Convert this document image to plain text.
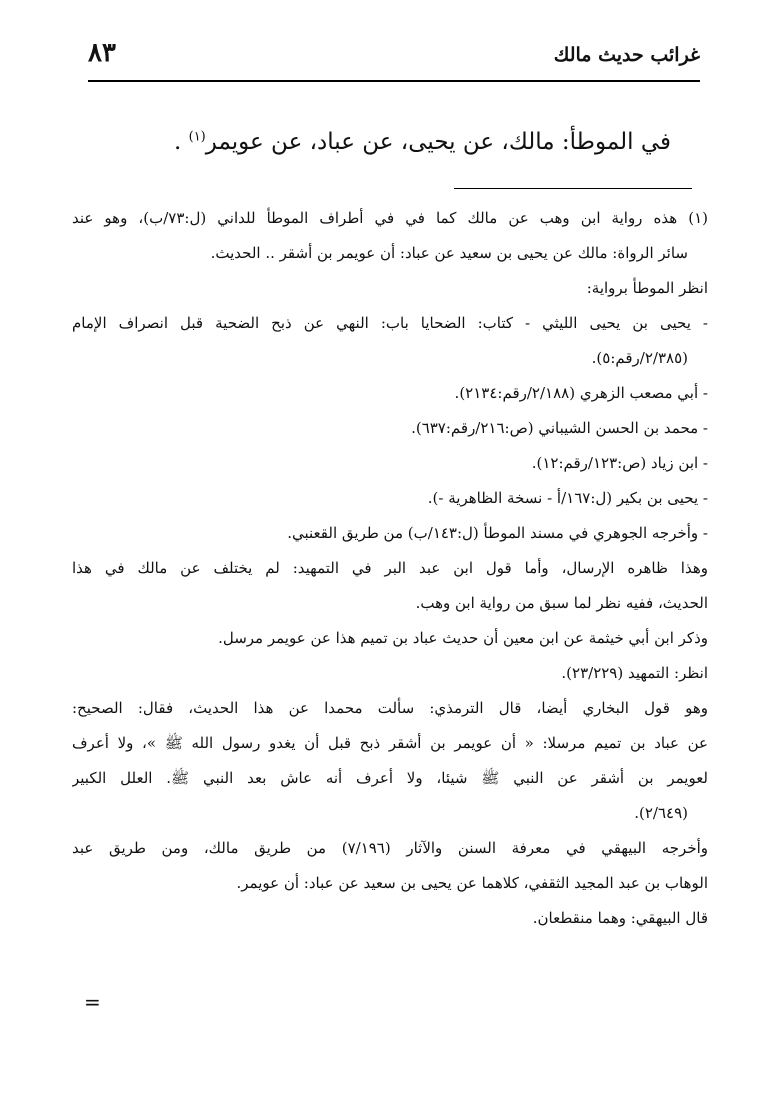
٨٣	غرائب حديث مالك
في الموطأ: مالك، عن يحيى، عن عباد، عن عويمر$^{(١)}$ .
(١) هذه رواية ابن وهب عن مالك كما في في أطراف الموطأ للداني (ل:٧٣/ب)، وهو عند
سائر الرواة: مالك عن يحيى بن سعيد عن عباد: أن عويمر بن أشقر .. الحديث.
انظر الموطأ برواية:
- يحيى بن يحيى الليثي - كتاب: الضحايا باب: النهي عن ذبح الضحية قبل انصراف الإمام
(٢/٣٨٥/رقم:٥).
- أبي مصعب الزهري (٢/١٨٨/رقم:٢١٣٤).
- محمد بن الحسن الشيباني (ص:٢١٦/رقم:٦٣٧).
- ابن زياد (ص:١٢٣/رقم:١٢).
- يحيى بن بكير (ل:١٦٧/أ - نسخة الظاهرية -).
- وأخرجه الجوهري في مسند الموطأ (ل:١٤٣/ب) من طريق القعنبي.
وهذا ظاهره الإرسال، وأما قول ابن عبد البر في التمهيد: لم يختلف عن مالك في هذا
الحديث، ففيه نظر لما سبق من رواية ابن وهب.
وذكر ابن أبي خيثمة عن ابن معين أن حديث عباد بن تميم هذا عن عويمر مرسل.
انظر: التمهيد (٢٣/٢٢٩).
وهو قول البخاري أيضا، قال الترمذي: سألت محمدا عن هذا الحديث، فقال: الصحيح:
عن عباد بن تميم مرسلا: « أن عويمر بن أشقر ذبح قبل أن يغدو رسول الله ﷺ »، ولا أعرف
لعويمر بن أشقر عن النبي ﷺ شيئا، ولا أعرف أنه عاش بعد النبي ﷺ. العلل الكبير
(٢/٦٤٩).
وأخرجه البيهقي في معرفة السنن والآثار (٧/١٩٦) من طريق مالك، ومن طريق عبد
الوهاب بن عبد المجيد الثقفي، كلاهما عن يحيى بن سعيد عن عباد: أن عويمر.
قال البيهقي: وهما منقطعان.
=
